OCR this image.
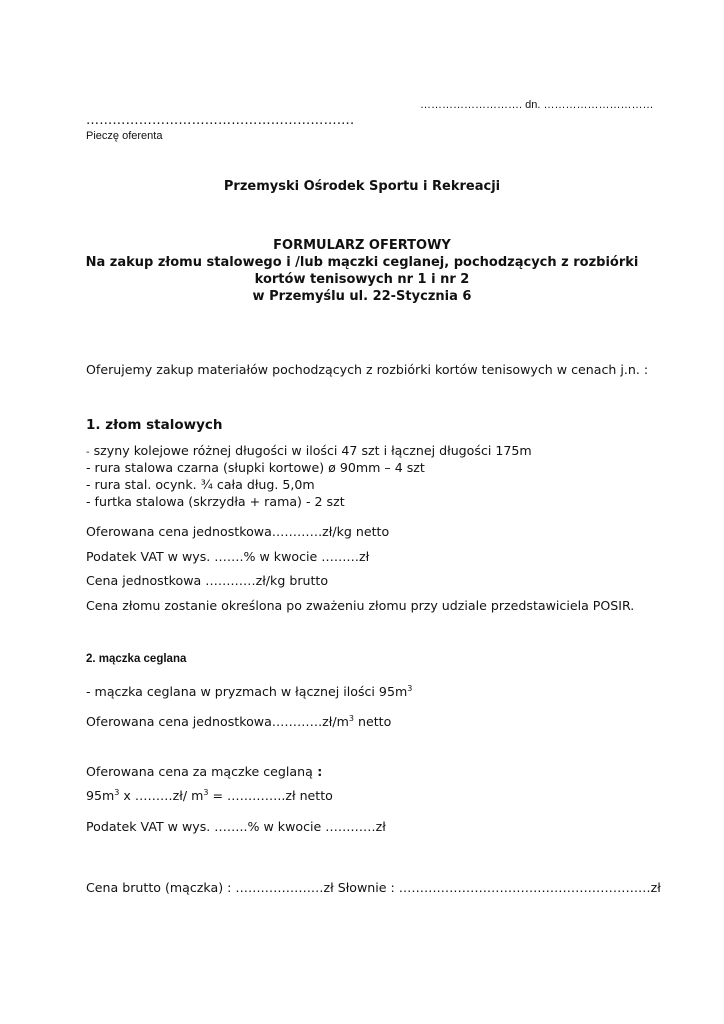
………………………. dn. …………………………
…………………………………………………….
Pieczę oferenta
Przemyski Ośrodek Sportu i Rekreacji
FORMULARZ OFERTOWY
Na zakup złomu stalowego i /lub mączki ceglanej, pochodzących z rozbiórki
kortów tenisowych nr 1 i nr 2
w Przemyślu ul. 22-Stycznia 6
Oferujemy zakup materiałów pochodzących z rozbiórki kortów tenisowych w cenach j.n. :
1. złom stalowych
- szyny kolejowe różnej długości w ilości 47 szt i łącznej długości 175m
- rura stalowa czarna (słupki kortowe) ø 90mm – 4 szt
- rura stal. ocynk. ¾ cała dług. 5,0m
- furtka stalowa (skrzydła + rama) - 2 szt
Oferowana cena jednostkowa…………zł/kg netto
Podatek VAT w wys. …….% w kwocie ………zł
Cena jednostkowa …………zł/kg brutto
Cena złomu zostanie określona po zważeniu złomu przy udziale przedstawiciela POSIR.
2. mączka ceglana
- mączka ceglana w pryzmach w łącznej ilości $95m^3$
Oferowana cena $jednostkowa\dots\dots\dots\dots zł/m^3$ netto
Oferowana cena za mączke ceglaną :
$95m^3$ x ………zł/ $m^3$ = …………..zł netto
Podatek VAT w wys. ……..% w kwocie …………zł
Cena brutto (mączka) : …………………zł Słownie : ……………………………………………………zł
